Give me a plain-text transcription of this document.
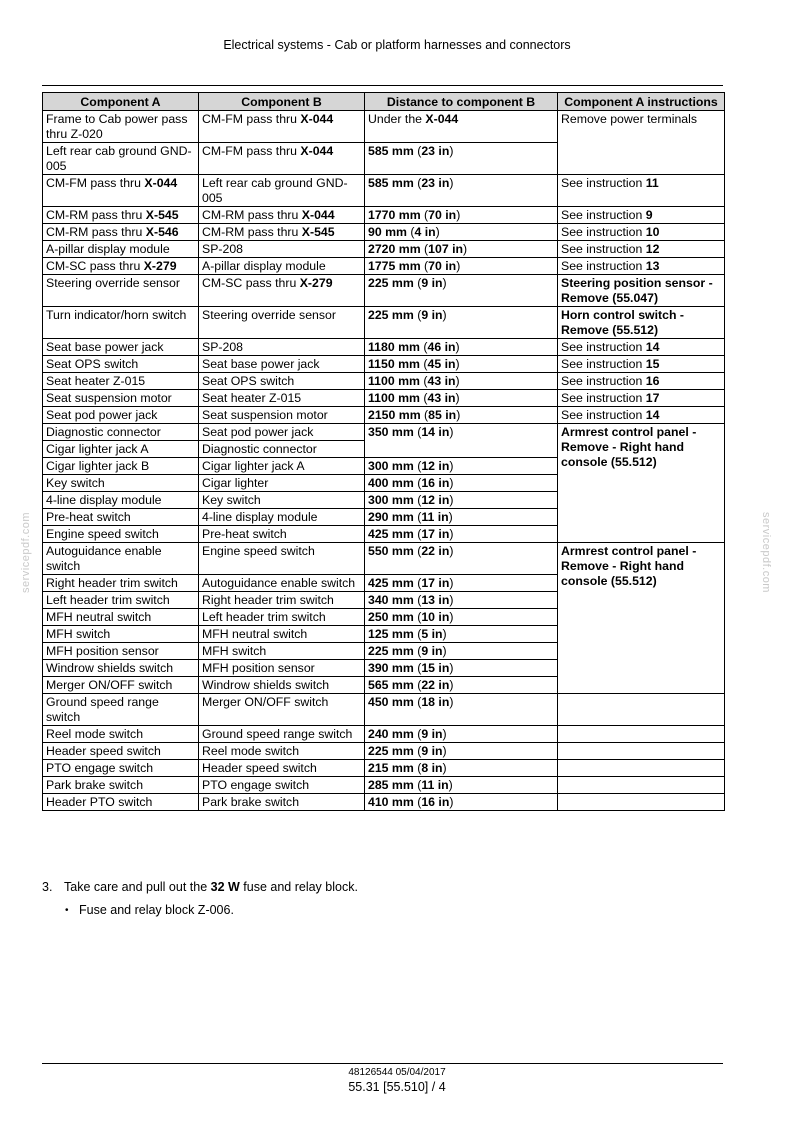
Electrical systems - Cab or platform harnesses and connectors
servicepdf.com	servicepdf.com
Component A	Component B	Distance to component B	Component A instructions
Frame to Cab power pass thru Z-020	CM-FM pass thru X-044	Under the X-044	Remove power terminals
Left rear cab ground GND-005	CM-FM pass thru X-044	585 mm (23 in)	
CM-FM pass thru X-044	Left rear cab ground GND-005	585 mm (23 in)	See instruction 11
CM-RM pass thru X-545	CM-RM pass thru X-044	1770 mm (70 in)	See instruction 9
CM-RM pass thru X-546	CM-RM pass thru X-545	90 mm (4 in)	See instruction 10
A-pillar display module	SP-208	2720 mm (107 in)	See instruction 12
CM-SC pass thru X-279	A-pillar display module	1775 mm (70 in)	See instruction 13
Steering override sensor	CM-SC pass thru X-279	225 mm (9 in)	Steering position sensor - Remove (55.047)
Turn indicator/horn switch	Steering override sensor	225 mm (9 in)	Horn control switch - Remove (55.512)
Seat base power jack	SP-208	1180 mm (46 in)	See instruction 14
Seat OPS switch	Seat base power jack	1150 mm (45 in)	See instruction 15
Seat heater Z-015	Seat OPS switch	1100 mm (43 in)	See instruction 16
Seat suspension motor	Seat heater Z-015	1100 mm (43 in)	See instruction 17
Seat pod power jack	Seat suspension motor	2150 mm (85 in)	See instruction 14
Diagnostic connector	Seat pod power jack	350 mm (14 in)	Armrest control panel - Remove - Right hand console (55.512)
Cigar lighter jack A	Diagnostic connector		
Cigar lighter jack B	Cigar lighter jack A	300 mm (12 in)	
Key switch	Cigar lighter	400 mm (16 in)	
4-line display module	Key switch	300 mm (12 in)	
Pre-heat switch	4-line display module	290 mm (11 in)	
Engine speed switch	Pre-heat switch	425 mm (17 in)	
Autoguidance enable switch	Engine speed switch	550 mm (22 in)	Armrest control panel - Remove - Right hand console (55.512)
Right header trim switch	Autoguidance enable switch	425 mm (17 in)	
Left header trim switch	Right header trim switch	340 mm (13 in)	
MFH neutral switch	Left header trim switch	250 mm (10 in)	
MFH switch	MFH neutral switch	125 mm (5 in)	
MFH position sensor	MFH switch	225 mm (9 in)	
Windrow shields switch	MFH position sensor	390 mm (15 in)	
Merger ON/OFF switch	Windrow shields switch	565 mm (22 in)	
Ground speed range switch	Merger ON/OFF switch	450 mm (18 in)	
Reel mode switch	Ground speed range switch	240 mm (9 in)	
Header speed switch	Reel mode switch	225 mm (9 in)	
PTO engage switch	Header speed switch	215 mm (8 in)	
Park brake switch	PTO engage switch	285 mm (11 in)	
Header PTO switch	Park brake switch	410 mm (16 in)	
3. Take care and pull out the 32 W fuse and relay block.
• Fuse and relay block Z-006.
48126544 05/04/2017
55.31 [55.510] / 4
